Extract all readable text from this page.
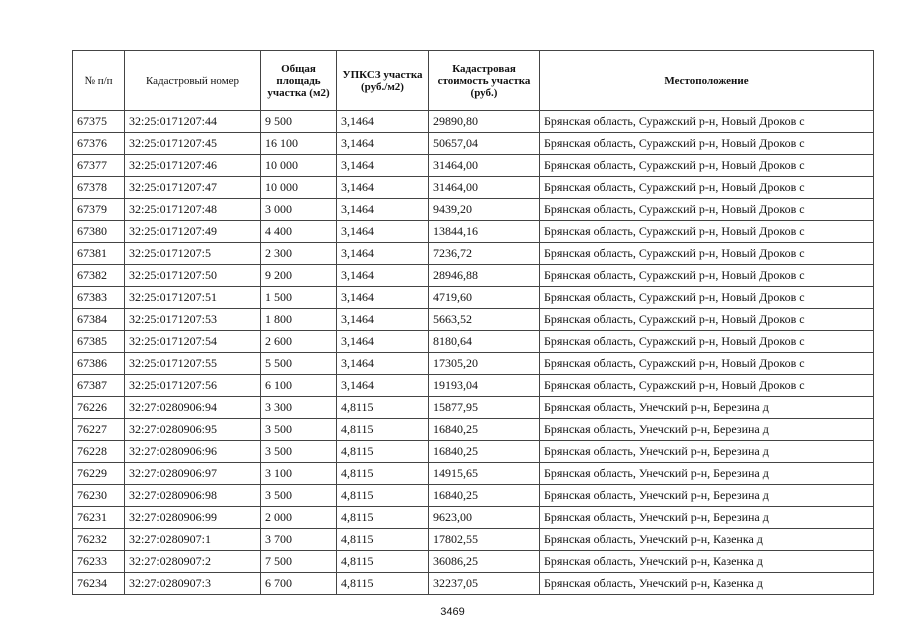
№ п/п	Кадастровый номер	Общая площадь участка (м2)	УПКСЗ участка (руб./м2)	Кадастровая стоимость участка (руб.)	Местоположение
67375	32:25:0171207:44	9 500	3,1464	29890,80	Брянская область, Суражский р-н, Новый Дроков с
67376	32:25:0171207:45	16 100	3,1464	50657,04	Брянская область, Суражский р-н, Новый Дроков с
67377	32:25:0171207:46	10 000	3,1464	31464,00	Брянская область, Суражский р-н, Новый Дроков с
67378	32:25:0171207:47	10 000	3,1464	31464,00	Брянская область, Суражский р-н, Новый Дроков с
67379	32:25:0171207:48	3 000	3,1464	9439,20	Брянская область, Суражский р-н, Новый Дроков с
67380	32:25:0171207:49	4 400	3,1464	13844,16	Брянская область, Суражский р-н, Новый Дроков с
67381	32:25:0171207:5	2 300	3,1464	7236,72	Брянская область, Суражский р-н, Новый Дроков с
67382	32:25:0171207:50	9 200	3,1464	28946,88	Брянская область, Суражский р-н, Новый Дроков с
67383	32:25:0171207:51	1 500	3,1464	4719,60	Брянская область, Суражский р-н, Новый Дроков с
67384	32:25:0171207:53	1 800	3,1464	5663,52	Брянская область, Суражский р-н, Новый Дроков с
67385	32:25:0171207:54	2 600	3,1464	8180,64	Брянская область, Суражский р-н, Новый Дроков с
67386	32:25:0171207:55	5 500	3,1464	17305,20	Брянская область, Суражский р-н, Новый Дроков с
67387	32:25:0171207:56	6 100	3,1464	19193,04	Брянская область, Суражский р-н, Новый Дроков с
76226	32:27:0280906:94	3 300	4,8115	15877,95	Брянская область, Унечский р-н, Березина д
76227	32:27:0280906:95	3 500	4,8115	16840,25	Брянская область, Унечский р-н, Березина д
76228	32:27:0280906:96	3 500	4,8115	16840,25	Брянская область, Унечский р-н, Березина д
76229	32:27:0280906:97	3 100	4,8115	14915,65	Брянская область, Унечский р-н, Березина д
76230	32:27:0280906:98	3 500	4,8115	16840,25	Брянская область, Унечский р-н, Березина д
76231	32:27:0280906:99	2 000	4,8115	9623,00	Брянская область, Унечский р-н, Березина д
76232	32:27:0280907:1	3 700	4,8115	17802,55	Брянская область, Унечский р-н, Казенка д
76233	32:27:0280907:2	7 500	4,8115	36086,25	Брянская область, Унечский р-н, Казенка д
76234	32:27:0280907:3	6 700	4,8115	32237,05	Брянская область, Унечский р-н, Казенка д
3469
